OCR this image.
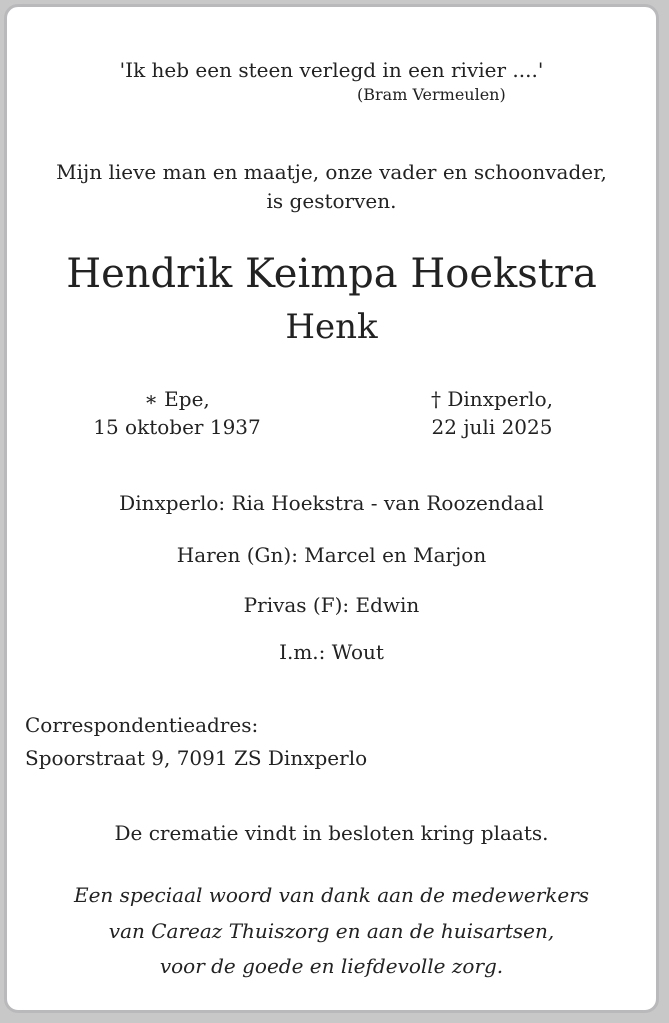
'Ik heb een steen verlegd in een rivier ....'
(Bram Vermeulen)
Mijn lieve man en maatje, onze vader en schoonvader,
is gestorven.
Hendrik Keimpa Hoekstra
Henk
∗ Epe,
15 oktober 1937
† Dinxperlo,
22 juli 2025
Dinxperlo: Ria Hoekstra - van Roozendaal
Haren (Gn): Marcel en Marjon
Privas (F): Edwin
I.m.: Wout
Correspondentieadres:
Spoorstraat 9, 7091 ZS Dinxperlo
De crematie vindt in besloten kring plaats.
Een speciaal woord van dank aan de medewerkers
van Careaz Thuiszorg en aan de huisartsen,
voor de goede en liefdevolle zorg.
